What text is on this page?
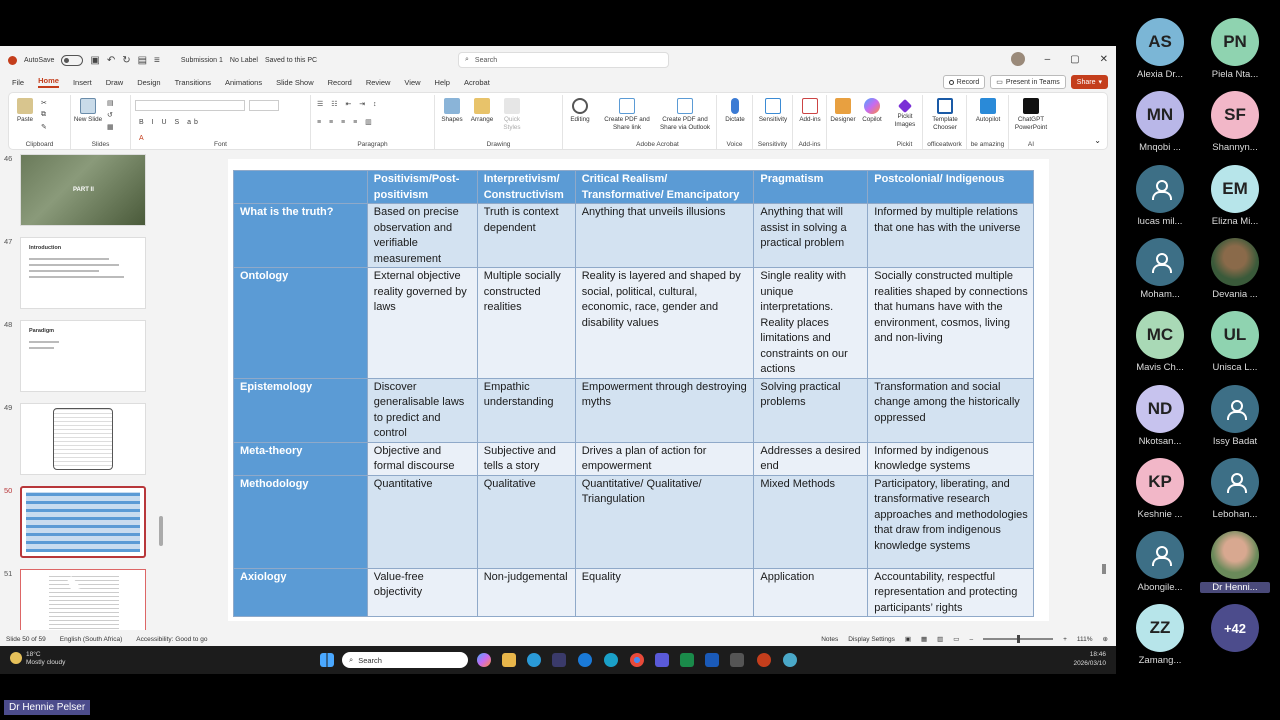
AutoSave	▣ ↶ ↻ ▤ ≡	Submission 1 No Label Saved to this PC	⌕ Search	– ▢ ✕
File Home Insert Draw Design Transitions Animations Slide Show Record Review View Help Acrobat	Record ▭ Present in Teams Share ▾
Paste
✂
⧉
✎
Clipboard
New Slide
▤
↺
▦
Slides
B I U S ab
A
Font
☰ ☷ ⇤ ⇥ ↕
≡ ≡ ≡ ≡ ▥
Paragraph
Shapes	Arrange	Quick Styles
Drawing
Editing	Create PDF and Share link
Create PDF and Share via Outlook
Adobe Acrobat
Dictate
Voice
Sensitivity
Sensitivity
Add-ins
Add-ins
Designer	Copilot	Pickit Images
Pickit
Template Chooser
officeatwork
Autopilot
be amazing
ChatGPT PowerPoint
AI	⌄
46
PART II
47
Introduction
48
Paradigm
49
50
51
	Positivism/Post-positivism	Interpretivism/ Constructivism	Critical Realism/ Transformative/ Emancipatory	Pragmatism	Postcolonial/ Indigenous
What is the truth?	Based on precise observation and verifiable measurement	Truth is context dependent	Anything that unveils illusions	Anything that will assist in solving a practical problem	Informed by multiple relations that one has with the universe
Ontology	External objective reality governed by laws	Multiple socially constructed realities	Reality is layered and shaped by social, political, cultural, economic, race, gender and disability values	Single reality with unique interpretations. Reality places limitations and constraints on our actions	Socially constructed multiple realities shaped by connections that humans have with the environment, cosmos, living and non-living
Epistemology	Discover generalisable laws to predict and control	Empathic understanding	Empowerment through destroying myths	Solving practical problems	Transformation and social change among the historically oppressed
Meta-theory	Objective and formal discourse	Subjective and tells a story	Drives a plan of action for empowerment	Addresses a desired end	Informed by indigenous knowledge systems
Methodology	Quantitative	Qualitative	Quantitative/ Qualitative/ Triangulation	Mixed Methods	Participatory, liberating, and transformative research approaches and methodologies that draw from indigenous knowledge systems
Axiology	Value-free objectivity	Non-judgemental	Equality	Application	Accountability, respectful representation and protecting participants’ rights
Slide 50 of 59 English (South Africa) Accessibility: Good to go	Notes Display Settings ▣ ▦ ▥ ▭ –	+ 111% ⊕
18°C
Mostly cloudy	⌕ Search
18:46
2026/03/10
AS
Alexia Dr...
PN
Piela Nta...
MN
Mnqobi ...
SF
Shannyn...
lucas mil...
EM
Elizna Mi...
Moham...	Devania ...
MC
Mavis Ch...
UL
Unisca L...
ND
Nkotsan...	Issy Badat
KP
Keshnie ...	Lebohan...
Abongile...	Dr Henni...
ZZ
Zamang...
+42
Dr Hennie Pelser
